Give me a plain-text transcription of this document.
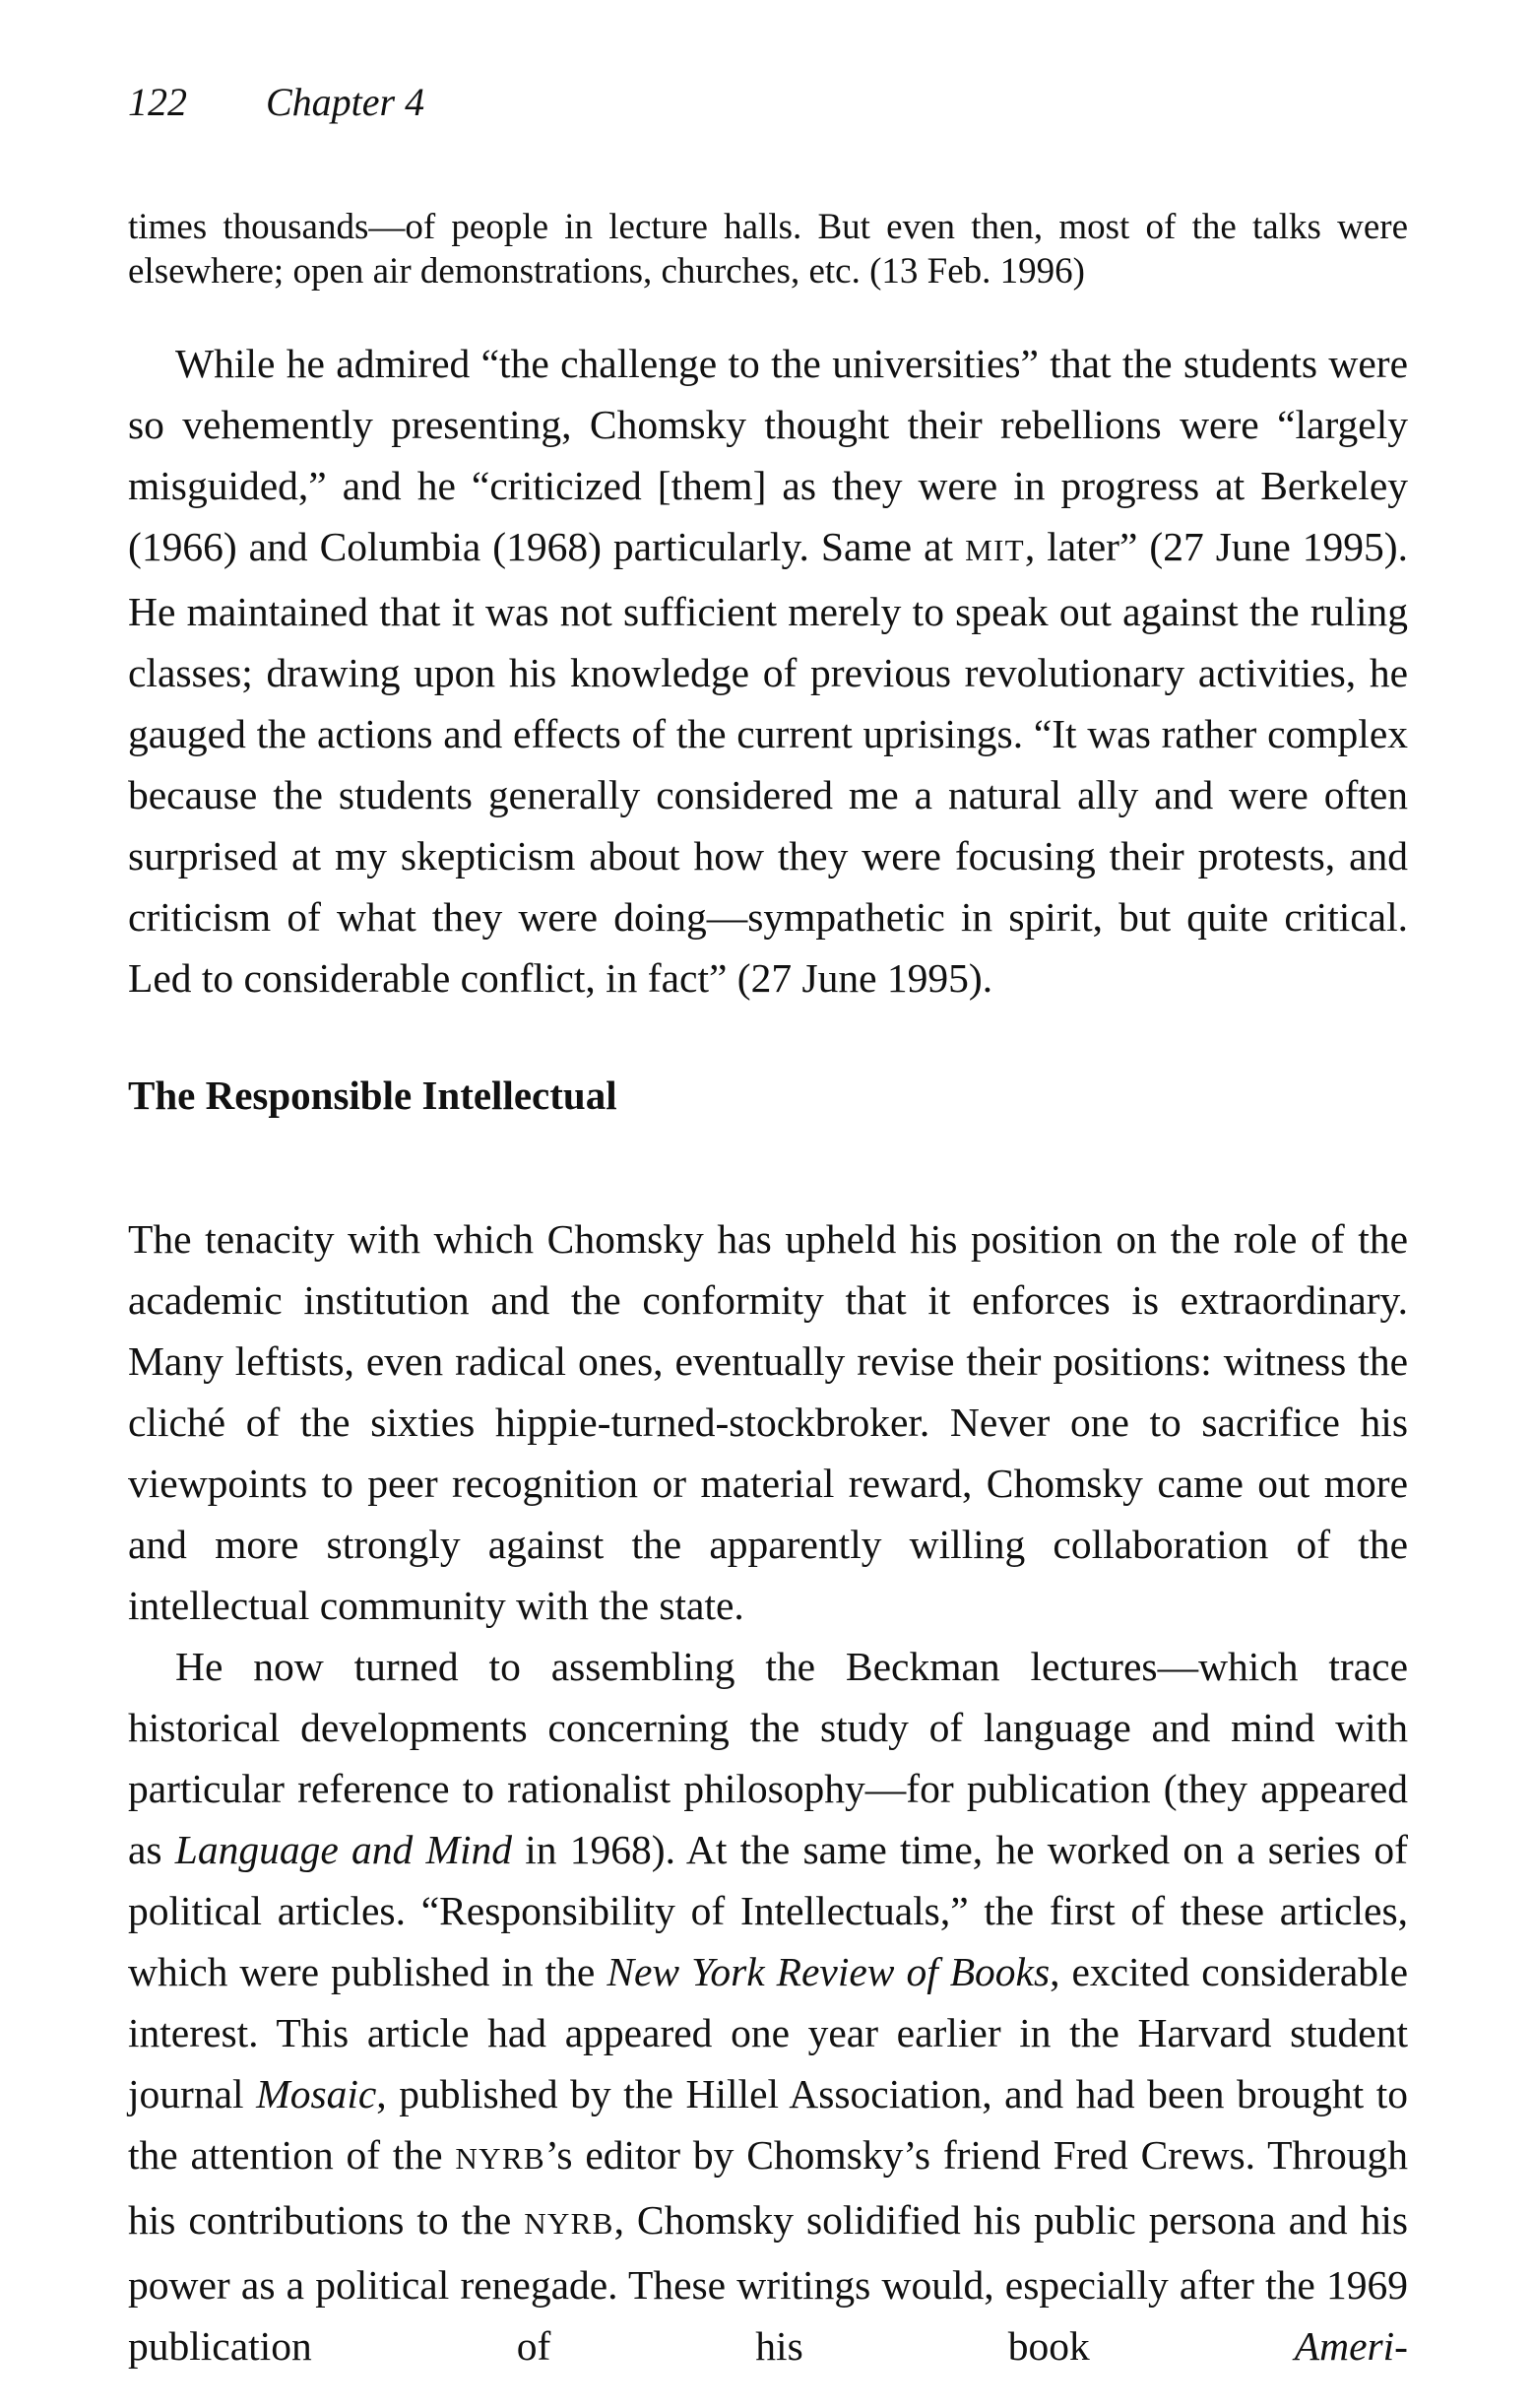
122 Chapter 4

times thousands—of people in lecture halls. But even then, most of the talks were elsewhere; open air demonstrations, churches, etc. (13 Feb. 1996)

While he admired “the challenge to the universities” that the students were so vehemently presenting, Chomsky thought their rebellions were “largely misguided,” and he “criticized [them] as they were in progress at Berkeley (1966) and Columbia (1968) particularly. Same at MIT, later” (27 June 1995). He maintained that it was not sufficient merely to speak out against the ruling classes; drawing upon his knowledge of previous revolutionary activities, he gauged the actions and effects of the current uprisings. “It was rather complex because the students generally considered me a natural ally and were often surprised at my skepticism about how they were focusing their protests, and criticism of what they were doing—sympathetic in spirit, but quite critical. Led to considerable conflict, in fact” (27 June 1995).

The Responsible Intellectual

The tenacity with which Chomsky has upheld his position on the role of the academic institution and the conformity that it enforces is extraordinary. Many leftists, even radical ones, eventually revise their positions: witness the cliché of the sixties hippie-turned-stockbroker. Never one to sacrifice his viewpoints to peer recognition or material reward, Chomsky came out more and more strongly against the apparently willing collaboration of the intellectual community with the state.

He now turned to assembling the Beckman lectures—which trace historical developments concerning the study of language and mind with particular reference to rationalist philosophy—for publication (they appeared as Language and Mind in 1968). At the same time, he worked on a series of political articles. “Responsibility of Intellectuals,” the first of these articles, which were published in the New York Review of Books, excited considerable interest. This article had appeared one year earlier in the Harvard student journal Mosaic, published by the Hillel Association, and had been brought to the attention of the NYRB’s editor by Chomsky’s friend Fred Crews. Through his contributions to the NYRB, Chomsky solidified his public persona and his power as a political renegade. These writings would, especially after the 1969 publication of his book Ameri-
